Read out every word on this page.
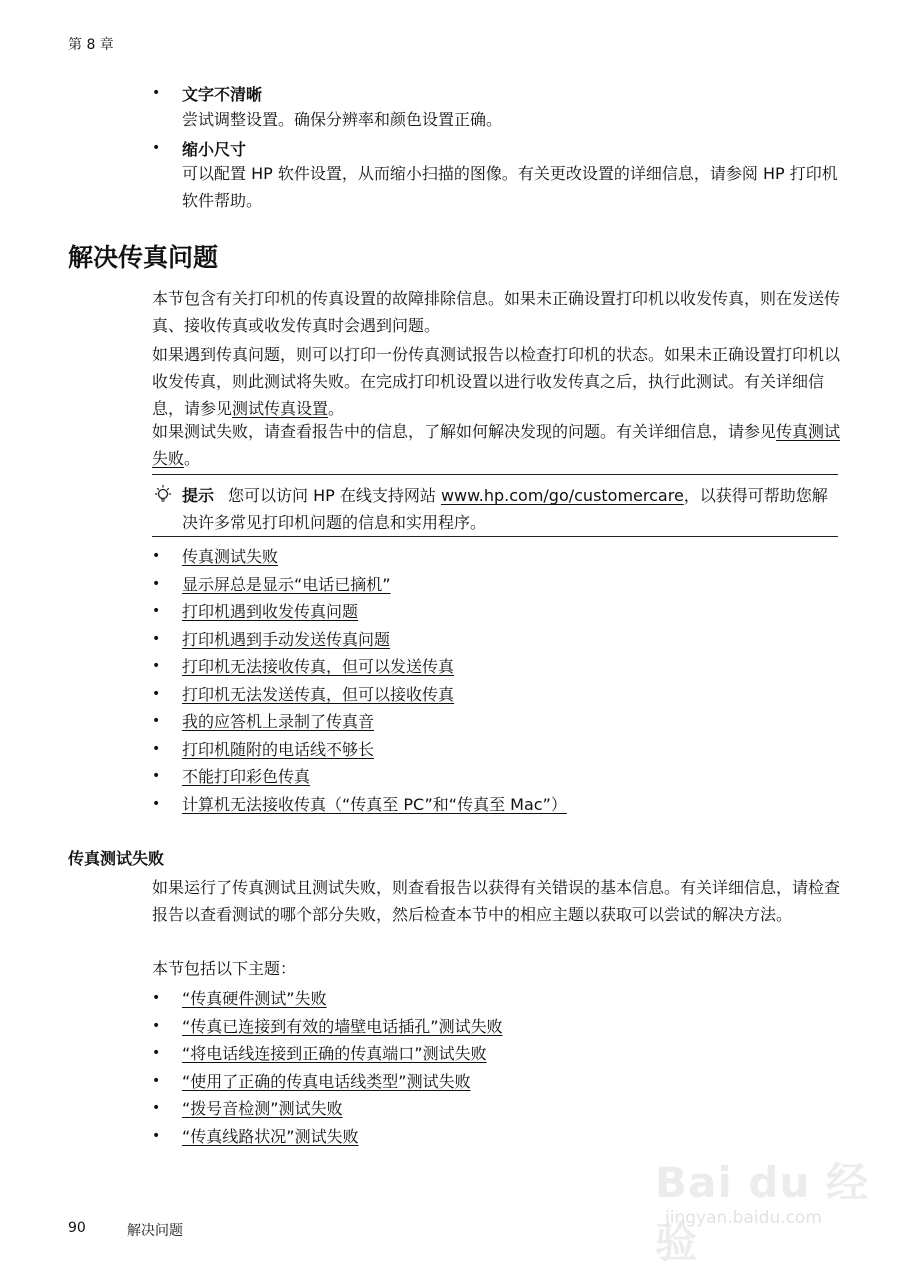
第 8 章
• 文字不清晰
尝试调整设置。确保分辨率和颜色设置正确。
• 缩小尺寸
可以配置 HP 软件设置，从而缩小扫描的图像。有关更改设置的详细信息，请参阅 HP 打印机软件帮助。
解决传真问题
本节包含有关打印机的传真设置的故障排除信息。如果未正确设置打印机以收发传真，则在发送传真、接收传真或收发传真时会遇到问题。
如果遇到传真问题，则可以打印一份传真测试报告以检查打印机的状态。如果未正确设置打印机以收发传真，则此测试将失败。在完成打印机设置以进行收发传真之后，执行此测试。有关详细信息，请参见测试传真设置。
如果测试失败，请查看报告中的信息，了解如何解决发现的问题。有关详细信息，请参见传真测试失败。
提示 您可以访问 HP 在线支持网站 www.hp.com/go/customercare，以获得可帮助您解决许多常见打印机问题的信息和实用程序。
• 传真测试失败
• 显示屏总是显示“电话已摘机”
• 打印机遇到收发传真问题
• 打印机遇到手动发送传真问题
• 打印机无法接收传真，但可以发送传真
• 打印机无法发送传真，但可以接收传真
• 我的应答机上录制了传真音
• 打印机随附的电话线不够长
• 不能打印彩色传真
• 计算机无法接收传真（“传真至 PC”和“传真至 Mac”）
传真测试失败
如果运行了传真测试且测试失败，则查看报告以获得有关错误的基本信息。有关详细信息，请检查报告以查看测试的哪个部分失败，然后检查本节中的相应主题以获取可以尝试的解决方法。
本节包括以下主题：
• “传真硬件测试”失败
• “传真已连接到有效的墙壁电话插孔”测试失败
• “将电话线连接到正确的传真端口”测试失败
• “使用了正确的传真电话线类型”测试失败
• “拨号音检测”测试失败
• “传真线路状况”测试失败
90	解决问题
Bai du 经验
jingyan.baidu.com
